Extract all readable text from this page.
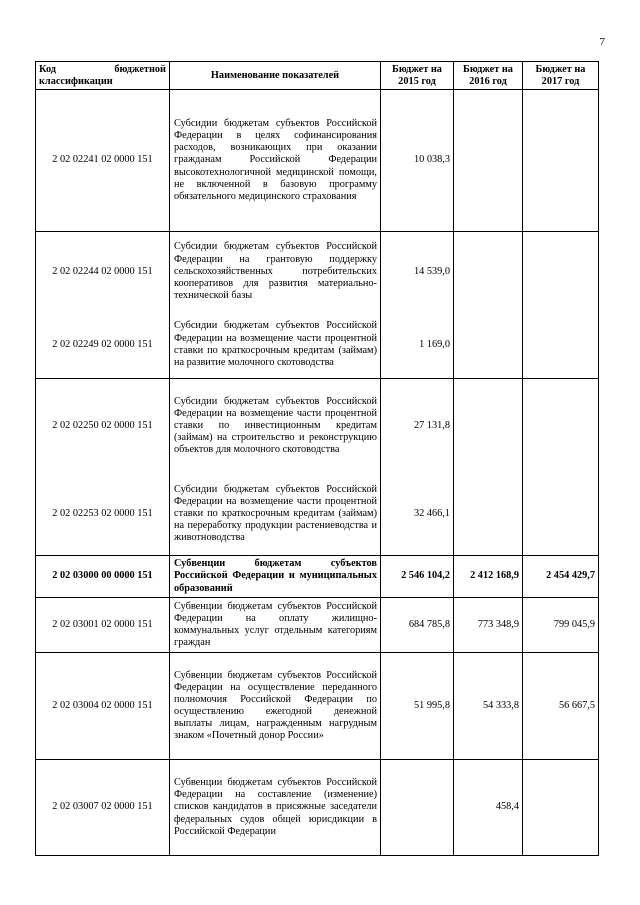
7
Код бюджетной
классификации	Наименование показателей	Бюджет на 2015 год	Бюджет на 2016 год	Бюджет на 2017 год
2 02 02241 02 0000 151	Субсидии бюджетам субъектов Российской Федерации в целях софинансирования расходов, возникающих при оказании гражданам Российской Федерации высокотехнологичной медицинской помощи, не включенной в базовую программу обязательного медицинского страхования	10 038,3		
2 02 02244 02 0000 151	Субсидии бюджетам субъектов Российской Федерации на грантовую поддержку сельскохозяйственных потребительских кооперативов для развития материально-технической базы	14 539,0		
2 02 02249 02 0000 151	Субсидии бюджетам субъектов Российской Федерации на возмещение части процентной ставки по краткосрочным кредитам (займам) на развитие молочного скотоводства	1 169,0		
2 02 02250 02 0000 151	Субсидии бюджетам субъектов Российской Федерации на возмещение части процентной ставки по инвестиционным кредитам (займам) на строительство и реконструкцию объектов для молочного скотоводства	27 131,8		
2 02 02253 02 0000 151	Субсидии бюджетам субъектов Российской Федерации на возмещение части процентной ставки по краткосрочным кредитам (займам) на переработку продукции растениеводства и животноводства	32 466,1		
2 02 03000 00 0000 151	Субвенции бюджетам субъектов Российской Федерации и муниципальных образований	2 546 104,2	2 412 168,9	2 454 429,7
2 02 03001 02 0000 151	Субвенции бюджетам субъектов Российской Федерации на оплату жилищно-коммунальных услуг отдельным категориям граждан	684 785,8	773 348,9	799 045,9
2 02 03004 02 0000 151	Субвенции бюджетам субъектов Российской Федерации на осуществление переданного полномочия Российской Федерации по осуществлению ежегодной денежной выплаты лицам, награжденным нагрудным знаком «Почетный донор России»	51 995,8	54 333,8	56 667,5
2 02 03007 02 0000 151	Субвенции бюджетам субъектов Российской Федерации на составление (изменение) списков кандидатов в присяжные заседатели федеральных судов общей юрисдикции в Российской Федерации		458,4	
